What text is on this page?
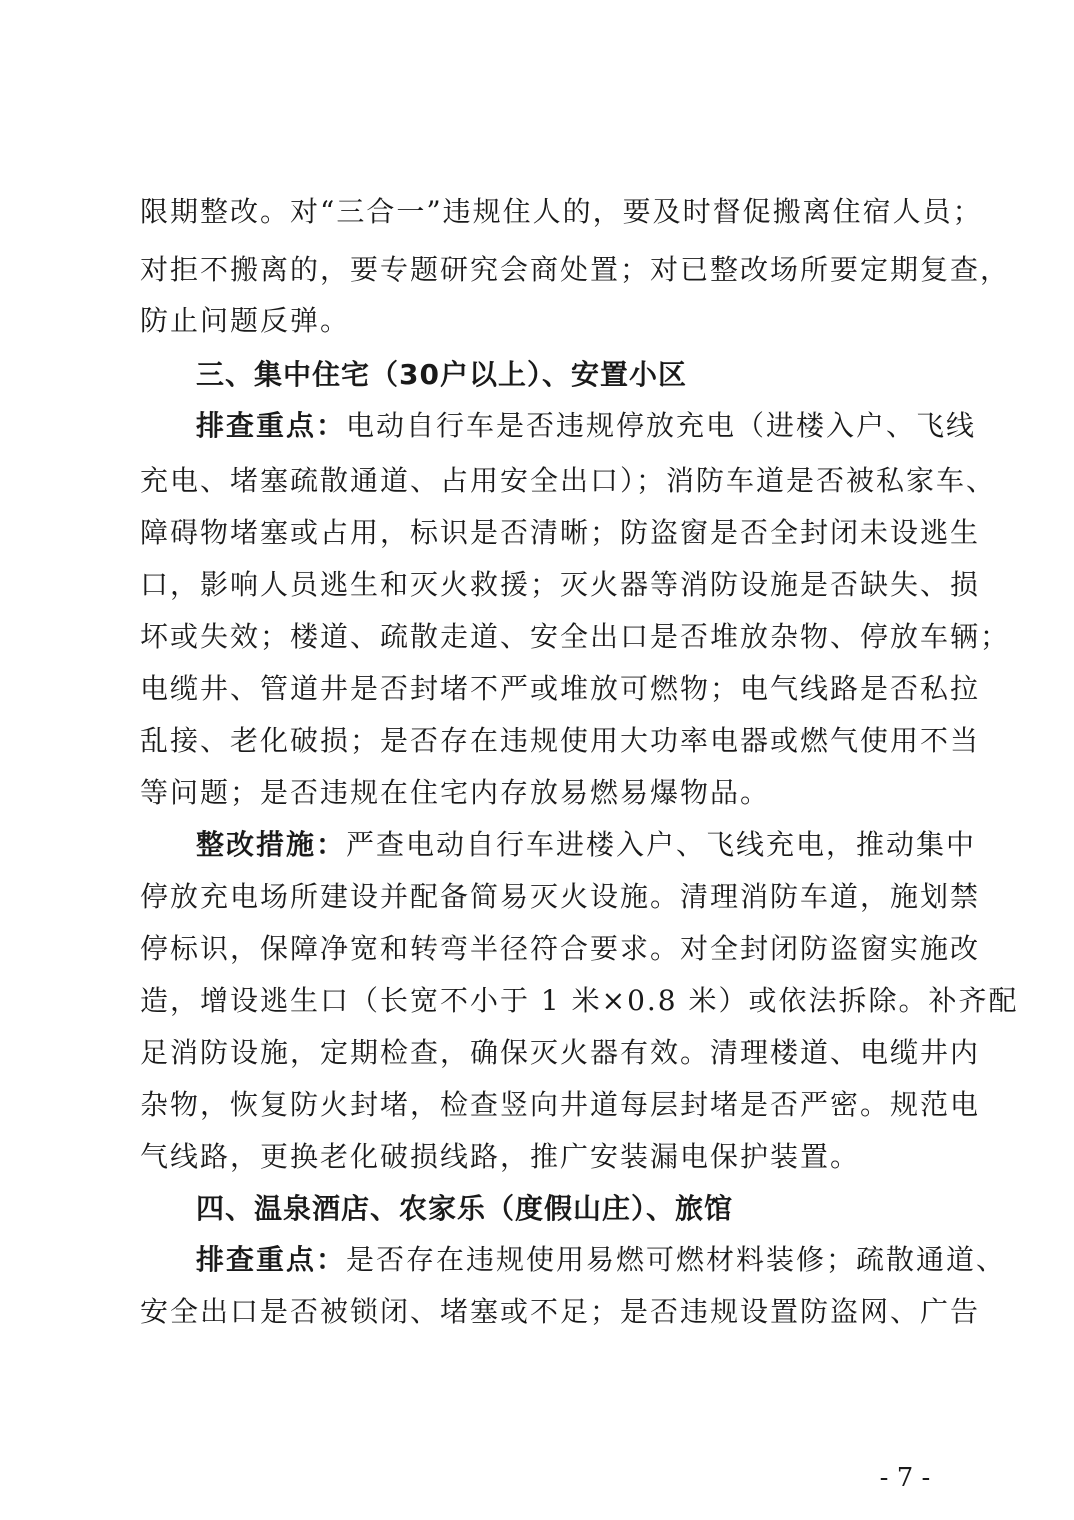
限期整改。对“三合一”违规住人的，要及时督促搬离住宿人员；
对拒不搬离的，要专题研究会商处置；对已整改场所要定期复查，
防止问题反弹。
三、集中住宅（30户以上）、安置小区
排查重点：电动自行车是否违规停放充电（进楼入户、飞线
充电、堵塞疏散通道、占用安全出口）；消防车道是否被私家车、
障碍物堵塞或占用，标识是否清晰；防盗窗是否全封闭未设逃生
口，影响人员逃生和灭火救援；灭火器等消防设施是否缺失、损
坏或失效；楼道、疏散走道、安全出口是否堆放杂物、停放车辆；
电缆井、管道井是否封堵不严或堆放可燃物；电气线路是否私拉
乱接、老化破损；是否存在违规使用大功率电器或燃气使用不当
等问题；是否违规在住宅内存放易燃易爆物品。
整改措施：严查电动自行车进楼入户、飞线充电，推动集中
停放充电场所建设并配备简易灭火设施。清理消防车道，施划禁
停标识，保障净宽和转弯半径符合要求。对全封闭防盗窗实施改
造，增设逃生口（长宽不小于 1 米×0.8 米）或依法拆除。补齐配
足消防设施，定期检查，确保灭火器有效。清理楼道、电缆井内
杂物，恢复防火封堵，检查竖向井道每层封堵是否严密。规范电
气线路，更换老化破损线路，推广安装漏电保护装置。
四、温泉酒店、农家乐（度假山庄）、旅馆
排查重点：是否存在违规使用易燃可燃材料装修；疏散通道、
安全出口是否被锁闭、堵塞或不足；是否违规设置防盗网、广告
- 7 -
